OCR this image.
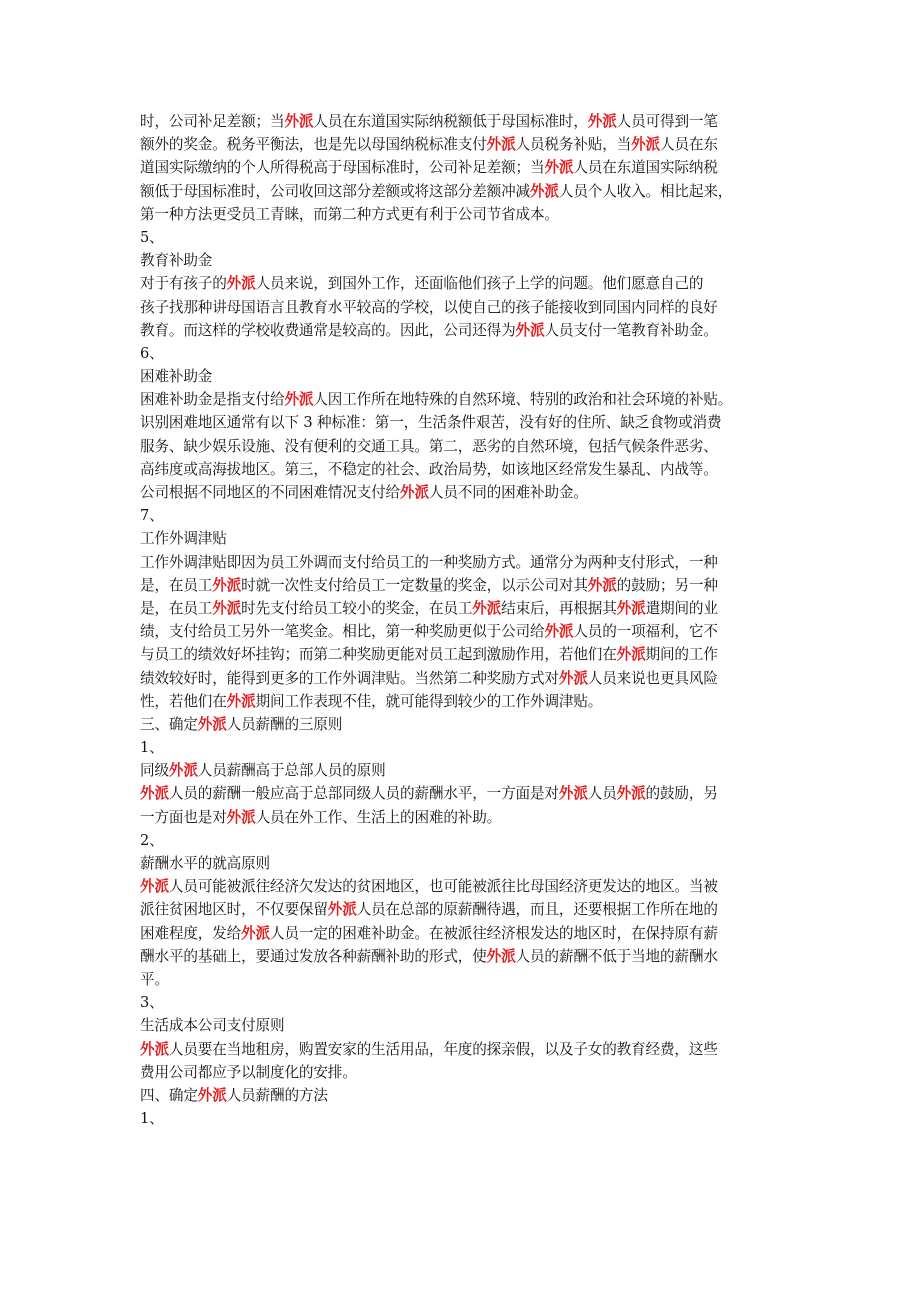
时，公司补足差额；当外派人员在东道国实际纳税额低于母国标准时，外派人员可得到一笔
额外的奖金。税务平衡法，也是先以母国纳税标准支付外派人员税务补贴，当外派人员在东
道国实际缴纳的个人所得税高于母国标准时，公司补足差额；当外派人员在东道国实际纳税
额低于母国标准时，公司收回这部分差额或将这部分差额冲减外派人员个人收入。相比起来，
第一种方法更受员工青睐，而第二种方式更有利于公司节省成本。
5、
教育补助金
对于有孩子的外派人员来说，到国外工作，还面临他们孩子上学的问题。他们愿意自己的
孩子找那种讲母国语言且教育水平较高的学校，以使自己的孩子能接收到同国内同样的良好
教育。而这样的学校收费通常是较高的。因此，公司还得为外派人员支付一笔教育补助金。
6、
困难补助金
困难补助金是指支付给外派人因工作所在地特殊的自然环境、特别的政治和社会环境的补贴。
识别困难地区通常有以下 3 种标准：第一，生活条件艰苦，没有好的住所、缺乏食物或消费
服务、缺少娱乐设施、没有便利的交通工具。第二，恶劣的自然环境，包括气候条件恶劣、
高纬度或高海拔地区。第三，不稳定的社会、政治局势，如该地区经常发生暴乱、内战等。
公司根据不同地区的不同困难情况支付给外派人员不同的困难补助金。
7、
工作外调津贴
工作外调津贴即因为员工外调而支付给员工的一种奖励方式。通常分为两种支付形式，一种
是，在员工外派时就一次性支付给员工一定数量的奖金，以示公司对其外派的鼓励；另一种
是，在员工外派时先支付给员工较小的奖金，在员工外派结束后，再根据其外派遣期间的业
绩，支付给员工另外一笔奖金。相比，第一种奖励更似于公司给外派人员的一项福利，它不
与员工的绩效好坏挂钩；而第二种奖励更能对员工起到激励作用，若他们在外派期间的工作
绩效较好时，能得到更多的工作外调津贴。当然第二种奖励方式对外派人员来说也更具风险
性，若他们在外派期间工作表现不佳，就可能得到较少的工作外调津贴。
三、确定外派人员薪酬的三原则
1、
同级外派人员薪酬高于总部人员的原则
外派人员的薪酬一般应高于总部同级人员的薪酬水平，一方面是对外派人员外派的鼓励，另
一方面也是对外派人员在外工作、生活上的困难的补助。
2、
薪酬水平的就高原则
外派人员可能被派往经济欠发达的贫困地区，也可能被派往比母国经济更发达的地区。当被
派往贫困地区时，不仅要保留外派人员在总部的原薪酬待遇，而且，还要根据工作所在地的
困难程度，发给外派人员一定的困难补助金。在被派往经济根发达的地区时，在保持原有薪
酬水平的基础上，要通过发放各种薪酬补助的形式，使外派人员的薪酬不低于当地的薪酬水
平。
3、
生活成本公司支付原则
外派人员要在当地租房，购置安家的生活用品，年度的探亲假，以及子女的教育经费，这些
费用公司都应予以制度化的安排。
四、确定外派人员薪酬的方法
1、
